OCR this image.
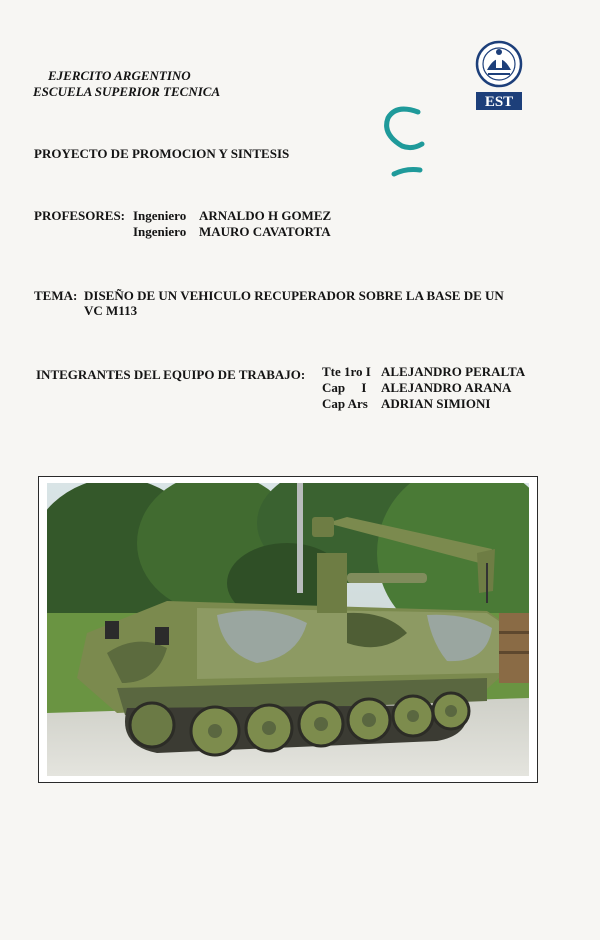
EJERCITO ARGENTINO
ESCUELA SUPERIOR TECNICA
EST
PROYECTO DE PROMOCION Y SINTESIS
PROFESORES: Ingeniero ARNALDO H GOMEZ
Ingeniero MAURO CAVATORTA
TEMA: DISEÑO DE UN VEHICULO RECUPERADOR SOBRE LA BASE DE UN
VC M113
INTEGRANTES DEL EQUIPO DE TRABAJO: Tte 1ro I ALEJANDRO PERALTA
Cap     I ALEJANDRO ARANA
Cap Ars ADRIAN SIMIONI
